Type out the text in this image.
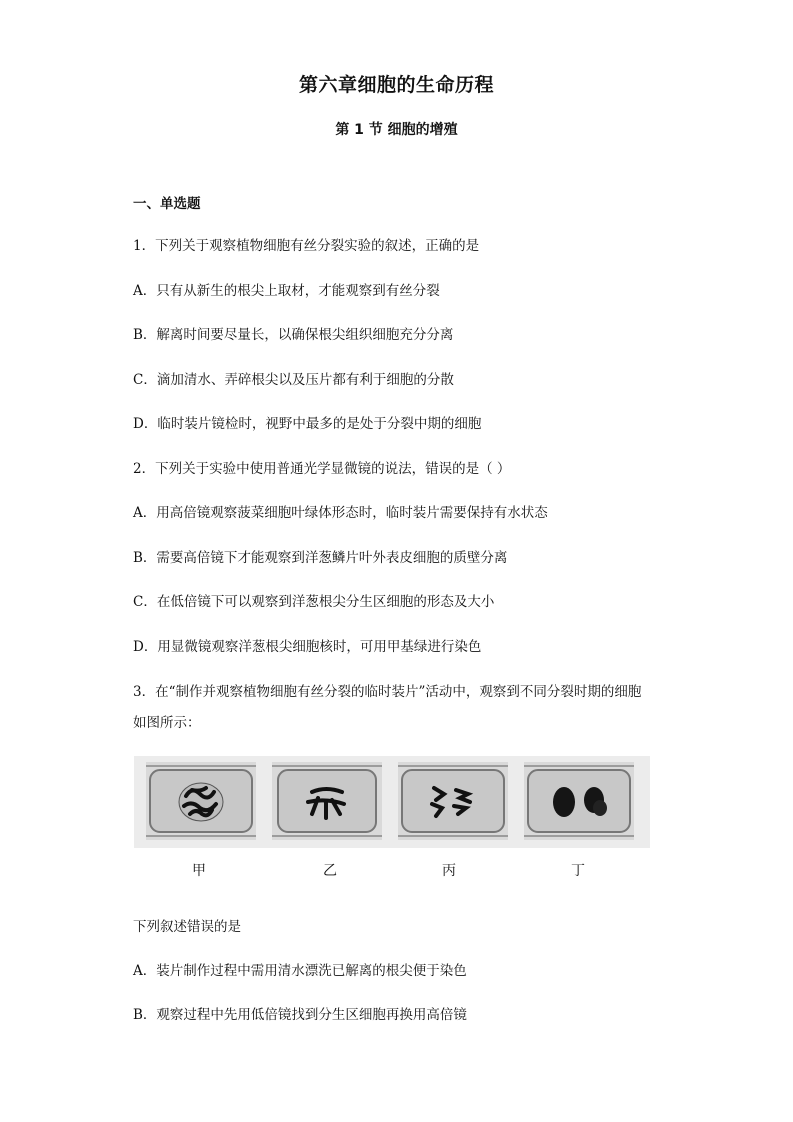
第六章细胞的生命历程
第 1 节 细胞的增殖
一、单选题
1．下列关于观察植物细胞有丝分裂实验的叙述，正确的是
A．只有从新生的根尖上取材，才能观察到有丝分裂
B．解离时间要尽量长，以确保根尖组织细胞充分分离
C．滴加清水、弄碎根尖以及压片都有利于细胞的分散
D．临时装片镜检时，视野中最多的是处于分裂中期的细胞
2．下列关于实验中使用普通光学显微镜的说法，错误的是（ ）
A．用高倍镜观察菠菜细胞叶绿体形态时，临时装片需要保持有水状态
B．需要高倍镜下才能观察到洋葱鳞片叶外表皮细胞的质壁分离
C．在低倍镜下可以观察到洋葱根尖分生区细胞的形态及大小
D．用显微镜观察洋葱根尖细胞核时，可用甲基绿进行染色
3．在“制作并观察植物细胞有丝分裂的临时装片”活动中，观察到不同分裂时期的细胞
如图所示：
甲	乙	丙	丁
下列叙述错误的是
A．装片制作过程中需用清水漂洗已解离的根尖便于染色
B．观察过程中先用低倍镜找到分生区细胞再换用高倍镜
